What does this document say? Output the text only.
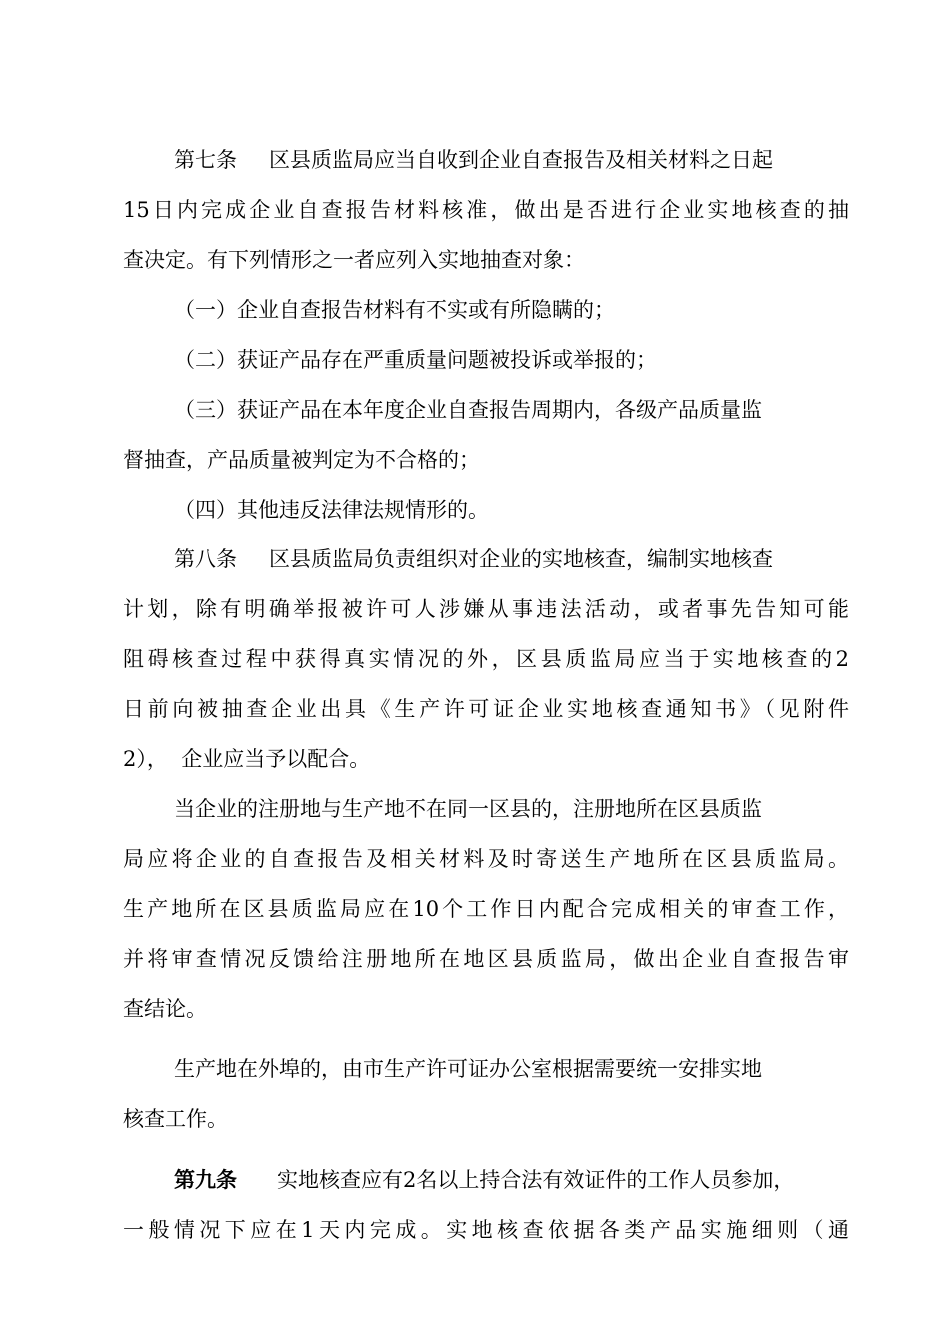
第七条 区县质监局应当自收到企业自查报告及相关材料之日起
15日内完成企业自查报告材料核准，做出是否进行企业实地核查的抽
查决定。有下列情形之一者应列入实地抽查对象：
（一）企业自查报告材料有不实或有所隐瞒的；
（二）获证产品存在严重质量问题被投诉或举报的；
（三）获证产品在本年度企业自查报告周期内，各级产品质量监
督抽查，产品质量被判定为不合格的；
（四）其他违反法律法规情形的。
第八条 区县质监局负责组织对企业的实地核查，编制实地核查
计划，除有明确举报被许可人涉嫌从事违法活动，或者事先告知可能
阻碍核查过程中获得真实情况的外，区县质监局应当于实地核查的2
日前向被抽查企业出具《生产许可证企业实地核查通知书》（见附件
2），  企业应当予以配合。
当企业的注册地与生产地不在同一区县的，注册地所在区县质监
局应将企业的自查报告及相关材料及时寄送生产地所在区县质监局。
生产地所在区县质监局应在10个工作日内配合完成相关的审查工作，
并将审查情况反馈给注册地所在地区县质监局，做出企业自查报告审
查结论。
生产地在外埠的，由市生产许可证办公室根据需要统一安排实地
核查工作。
第九条 实地核查应有2名以上持合法有效证件的工作人员参加，
一般情况下应在1天内完成。实地核查依据各类产品实施细则（通
